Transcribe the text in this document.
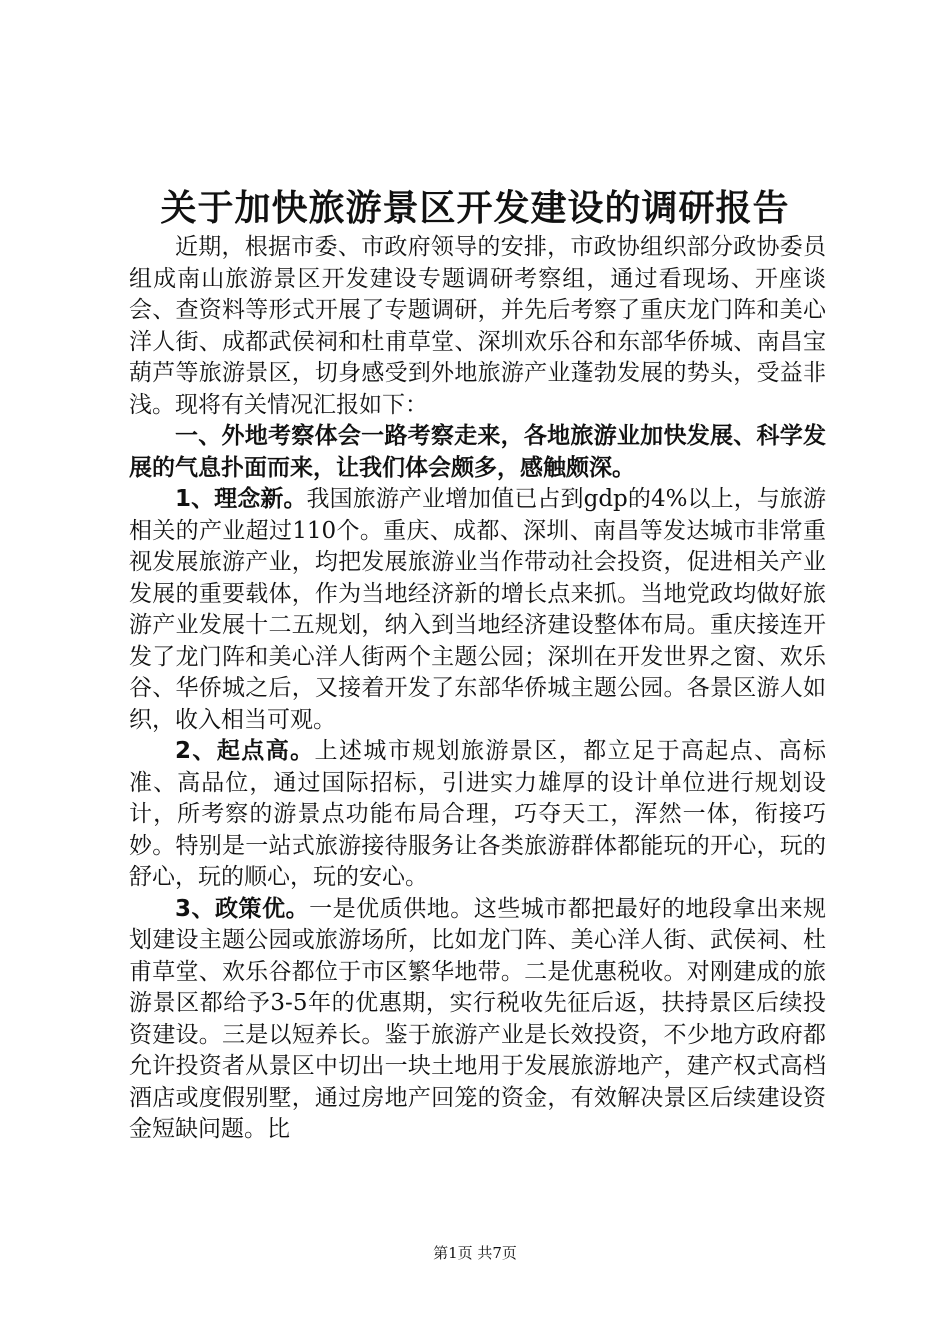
关于加快旅游景区开发建设的调研报告

近期，根据市委、市政府领导的安排，市政协组织部分政协委员组成南山旅游景区开发建设专题调研考察组，通过看现场、开座谈会、查资料等形式开展了专题调研，并先后考察了重庆龙门阵和美心洋人街、成都武侯祠和杜甫草堂、深圳欢乐谷和东部华侨城、南昌宝葫芦等旅游景区，切身感受到外地旅游产业蓬勃发展的势头，受益非浅。现将有关情况汇报如下：

一、外地考察体会一路考察走来，各地旅游业加快发展、科学发展的气息扑面而来，让我们体会颇多，感触颇深。

1、理念新。我国旅游产业增加值已占到gdp的4%以上，与旅游相关的产业超过110个。重庆、成都、深圳、南昌等发达城市非常重视发展旅游产业，均把发展旅游业当作带动社会投资，促进相关产业发展的重要载体，作为当地经济新的增长点来抓。当地党政均做好旅游产业发展十二五规划，纳入到当地经济建设整体布局。重庆接连开发了龙门阵和美心洋人街两个主题公园；深圳在开发世界之窗、欢乐谷、华侨城之后，又接着开发了东部华侨城主题公园。各景区游人如织，收入相当可观。

2、起点高。上述城市规划旅游景区，都立足于高起点、高标准、高品位，通过国际招标，引进实力雄厚的设计单位进行规划设计，所考察的游景点功能布局合理，巧夺天工，浑然一体，衔接巧妙。特别是一站式旅游接待服务让各类旅游群体都能玩的开心，玩的舒心，玩的顺心，玩的安心。

3、政策优。一是优质供地。这些城市都把最好的地段拿出来规划建设主题公园或旅游场所，比如龙门阵、美心洋人街、武侯祠、杜甫草堂、欢乐谷都位于市区繁华地带。二是优惠税收。对刚建成的旅游景区都给予3-5年的优惠期，实行税收先征后返，扶持景区后续投资建设。三是以短养长。鉴于旅游产业是长效投资，不少地方政府都允许投资者从景区中切出一块土地用于发展旅游地产，建产权式高档酒店或度假别墅，通过房地产回笼的资金，有效解决景区后续建设资金短缺问题。比

第1页 共7页
